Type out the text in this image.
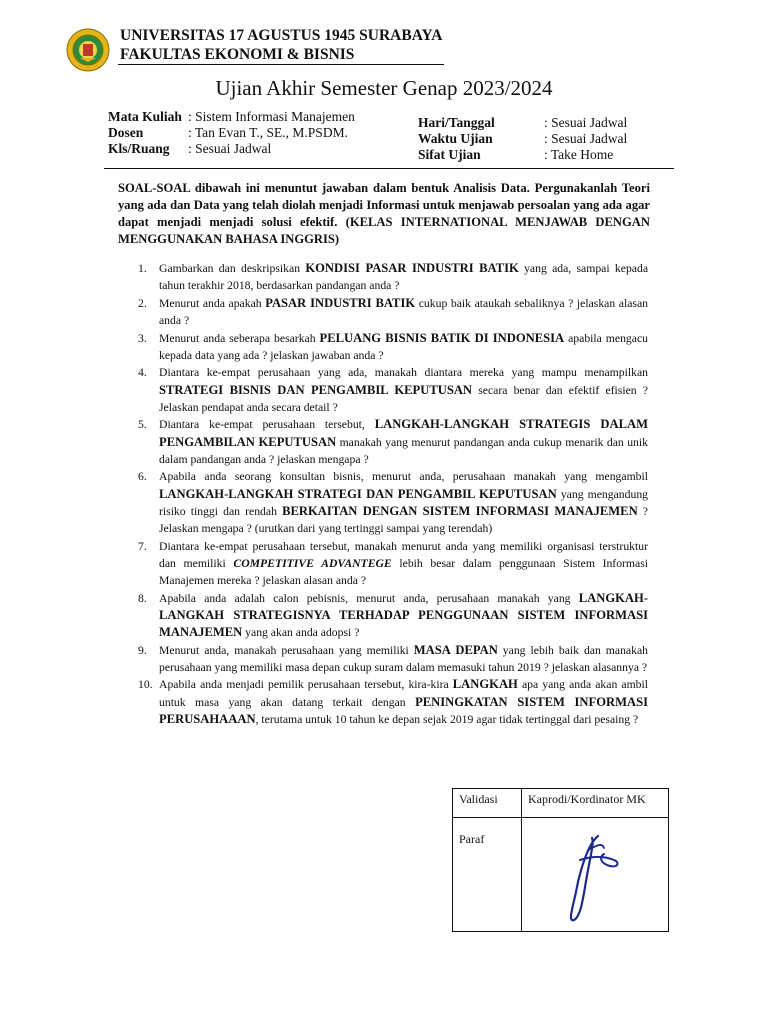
UNIVERSITAS 17 AGUSTUS 1945 SURABAYA
FAKULTAS EKONOMI & BISNIS
Ujian Akhir Semester Genap 2023/2024
Mata Kuliah : Sistem Informasi Manajemen
Dosen	: Tan Evan T., SE., M.PSDM.
Kls/Ruang	: Sesuai Jadwal
Hari/Tanggal	: Sesuai Jadwal
Waktu Ujian	: Sesuai Jadwal
Sifat Ujian	: Take Home
SOAL-SOAL dibawah ini menuntut jawaban dalam bentuk Analisis Data. Pergunakanlah Teori yang ada dan Data yang telah diolah menjadi Informasi untuk menjawab persoalan yang ada agar dapat menjadi menjadi solusi efektif. (KELAS INTERNATIONAL MENJAWAB DENGAN MENGGUNAKAN BAHASA INGGRIS)
1.	Gambarkan dan deskripsikan KONDISI PASAR INDUSTRI BATIK yang ada, sampai kepada tahun terakhir 2018, berdasarkan pandangan anda ?
2.	Menurut anda apakah PASAR INDUSTRI BATIK cukup baik ataukah sebaliknya ? jelaskan alasan anda ?
3.	Menurut anda seberapa besarkah PELUANG BISNIS BATIK DI INDONESIA apabila mengacu kepada data yang ada ? jelaskan jawaban anda ?
4.	Diantara ke-empat perusahaan yang ada, manakah diantara mereka yang mampu menampilkan STRATEGI BISNIS DAN PENGAMBIL KEPUTUSAN secara benar dan efektif efisien ? Jelaskan pendapat anda secara detail ?
5.	Diantara ke-empat perusahaan tersebut, LANGKAH-LANGKAH STRATEGIS DALAM PENGAMBILAN KEPUTUSAN manakah yang menurut pandangan anda cukup menarik dan unik dalam pandangan anda ? jelaskan mengapa ?
6.	Apabila anda seorang konsultan bisnis, menurut anda, perusahaan manakah yang mengambil LANGKAH-LANGKAH STRATEGI DAN PENGAMBIL KEPUTUSAN yang mengandung risiko tinggi dan rendah BERKAITAN DENGAN SISTEM INFORMASI MANAJEMEN ? Jelaskan mengapa ? (urutkan dari yang tertinggi sampai yang terendah)
7.	Diantara ke-empat perusahaan tersebut, manakah menurut anda yang memiliki organisasi terstruktur dan memiliki COMPETITIVE ADVANTEGE lebih besar dalam penggunaan Sistem Informasi Manajemen mereka ? jelaskan alasan anda ?
8.	Apabila anda adalah calon pebisnis, menurut anda, perusahaan manakah yang LANGKAH-LANGKAH STRATEGISNYA TERHADAP PENGGUNAAN SISTEM INFORMASI MANAJEMEN yang akan anda adopsi ?
9.	Menurut anda, manakah perusahaan yang memiliki MASA DEPAN yang lebih baik dan manakah perusahaan yang memiliki masa depan cukup suram dalam memasuki tahun 2019 ? jelaskan alasannya ?
10. Apabila anda menjadi pemilik perusahaan tersebut, kira-kira LANGKAH apa yang anda akan ambil untuk masa yang akan datang terkait dengan PENINGKATAN SISTEM INFORMASI PERUSAHAAAN, terutama untuk 10 tahun ke depan sejak 2019 agar tidak tertinggal dari pesaing ?
Validasi	Kaprodi/Kordinator MK
Paraf	
